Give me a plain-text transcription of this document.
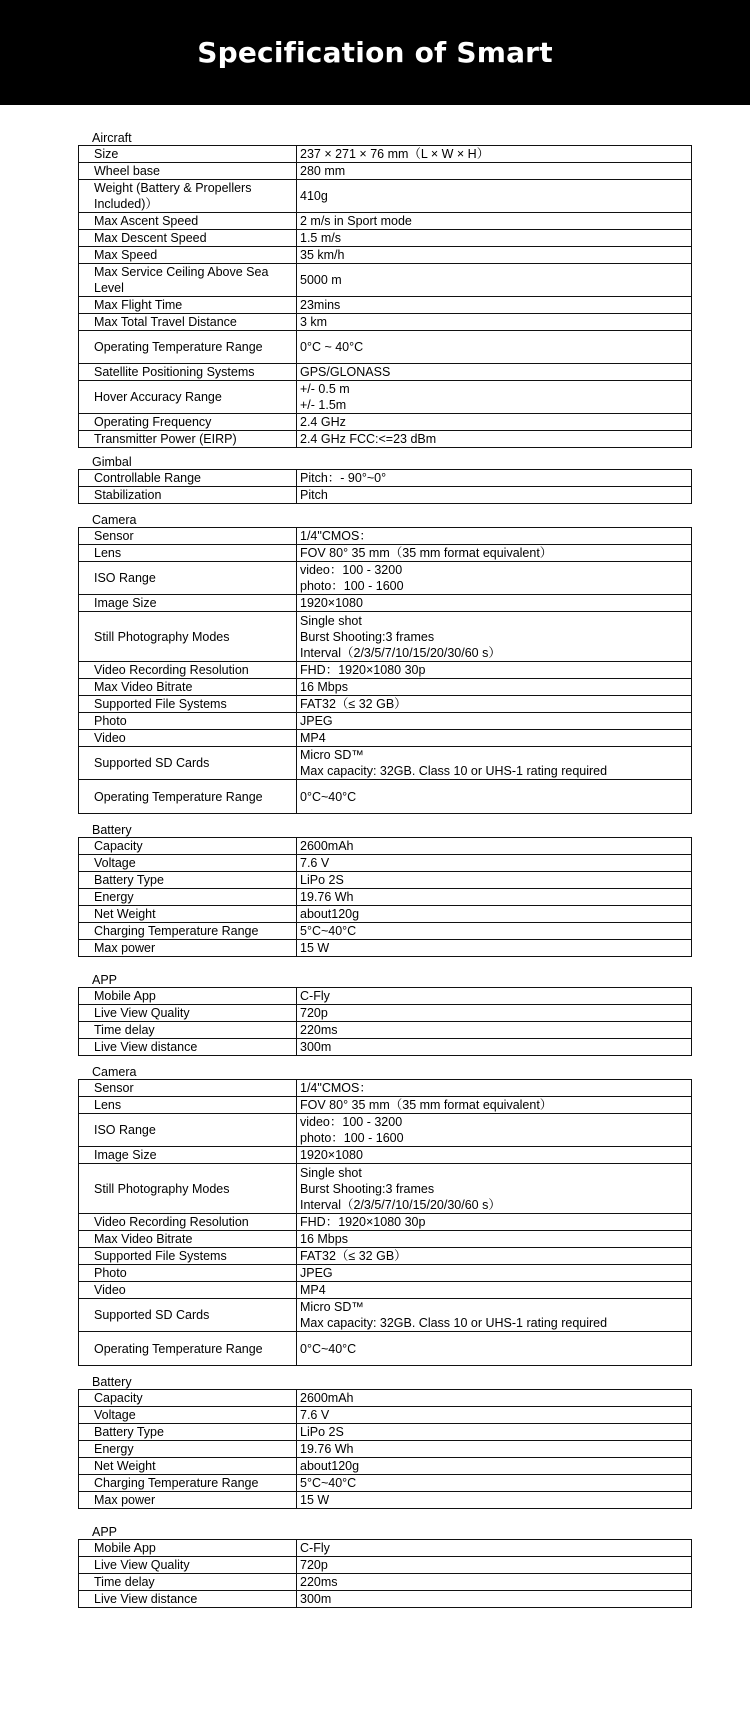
Specification of Smart
Aircraft
Size	237 × 271 × 76 mm（L × W × H）

Wheel base	280 mm

Weight (Battery & Propellers
Included)）	410g

Max Ascent Speed	2 m/s in Sport mode

Max Descent Speed	1.5 m/s

Max Speed	35 km/h

Max Service Ceiling Above Sea
Level	5000 m

Max Flight Time	23mins

Max Total Travel Distance	3 km

Operating Temperature Range	0°C ~ 40°C

Satellite Positioning Systems	GPS/GLONASS

Hover Accuracy Range	+/- 0.5 m
+/- 1.5m

Operating Frequency	2.4 GHz

Transmitter Power (EIRP)	2.4 GHz FCC:<=23 dBm
Gimbal
Controllable Range	Pitch：- 90°~0°

Stabilization	Pitch
Camera
Sensor	1/4"CMOS：

Lens	FOV 80° 35 mm（35 mm format equivalent）

ISO Range	video：100 - 3200
photo：100 - 1600

Image Size	1920×1080

Still Photography Modes	Single shot
Burst Shooting:3 frames
Interval（2/3/5/7/10/15/20/30/60 s）

Video Recording Resolution	FHD：1920×1080 30p

Max Video Bitrate	16 Mbps

Supported File Systems	FAT32（≤ 32 GB）

Photo	JPEG

Video	MP4

Supported SD Cards	Micro SD™
Max capacity: 32GB. Class 10 or UHS-1 rating required

Operating Temperature Range	0°C~40°C
Battery
Capacity	2600mAh

Voltage	7.6 V

Battery Type	LiPo 2S

Energy	19.76 Wh

Net Weight	about120g

Charging Temperature Range	5°C~40°C

Max power	15 W
APP
Mobile App	C-Fly

Live View Quality	720p

Time delay	220ms

Live View distance	300m
Camera
Sensor	1/4"CMOS：

Lens	FOV 80° 35 mm（35 mm format equivalent）

ISO Range	video：100 - 3200
photo：100 - 1600

Image Size	1920×1080

Still Photography Modes	Single shot
Burst Shooting:3 frames
Interval（2/3/5/7/10/15/20/30/60 s）

Video Recording Resolution	FHD：1920×1080 30p

Max Video Bitrate	16 Mbps

Supported File Systems	FAT32（≤ 32 GB）

Photo	JPEG

Video	MP4

Supported SD Cards	Micro SD™
Max capacity: 32GB. Class 10 or UHS-1 rating required

Operating Temperature Range	0°C~40°C
Battery
Capacity	2600mAh

Voltage	7.6 V

Battery Type	LiPo 2S

Energy	19.76 Wh

Net Weight	about120g

Charging Temperature Range	5°C~40°C

Max power	15 W
APP
Mobile App	C-Fly

Live View Quality	720p

Time delay	220ms

Live View distance	300m
